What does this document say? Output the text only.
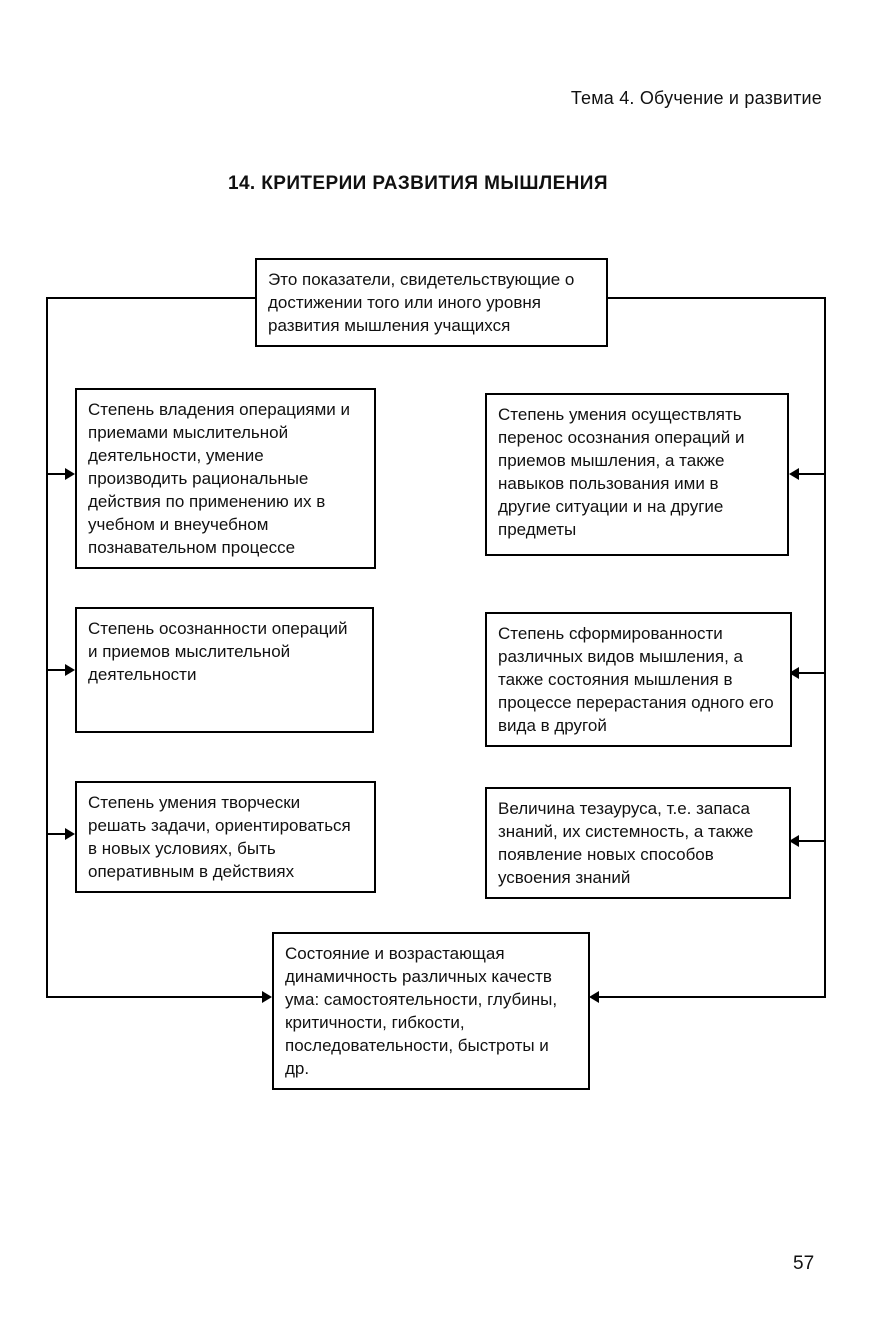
Тема 4. Обучение и развитие
14. КРИТЕРИИ РАЗВИТИЯ МЫШЛЕНИЯ
Это показатели, свидетельствующие о достижении того или иного уровня развития мышления учащихся
Степень владения операциями и приемами мыслительной деятельности, умение производить рациональные действия по применению их в учебном и внеучебном познавательном процессе
Степень осознанности операций и приемов мыслительной деятельности
Степень умения творчески решать задачи, ориентироваться в новых условиях, быть оперативным в действиях
Степень умения осуществлять перенос осознания операций и приемов мышления, а также навыков пользования ими в другие ситуации и на другие предметы
Степень сформированности различных видов мышления, а также состояния мышления в процессе перерастания одного его вида в другой
Величина тезауруса, т.е. запаса знаний, их системность, а также появление новых способов усвоения знаний
Состояние и возрастающая динамичность различных качеств ума: самостоятельности, глубины, критичности, гибкости, последовательности, быстроты и др.
57
